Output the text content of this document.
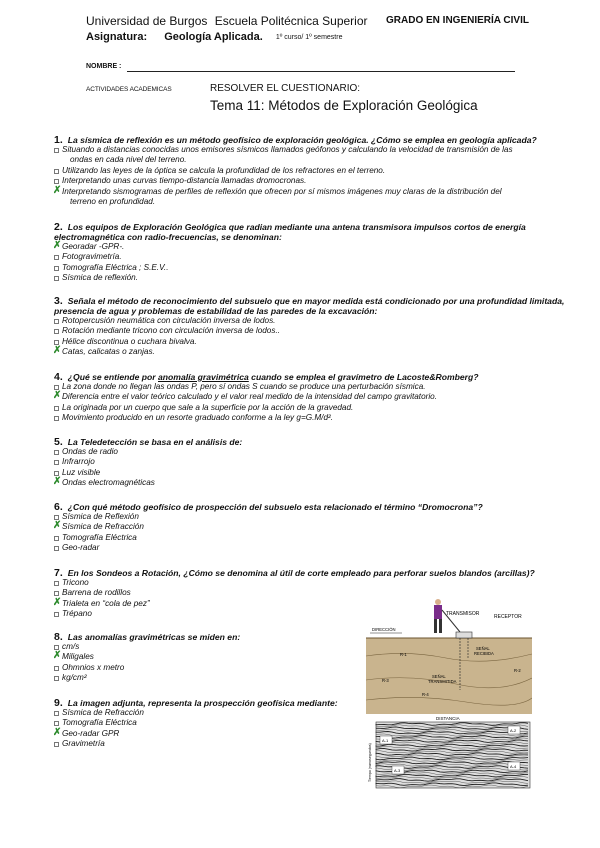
Universidad de Burgos Escuela Politécnica Superior GRADO EN INGENIERÍA CIVIL
Asignatura: Geología Aplicada. 1º curso/ 1º semestre
NOMBRE :
ACTIVIDADES ACADEMICAS	RESOLVER EL CUESTIONARIO:
Tema 11: Métodos de Exploración Geológica
1. La sísmica de reflexión es un método geofísico de exploración geológica. ¿Cómo se emplea en geología aplicada?
Situando a distancias conocidas unos emisores sísmicos llamados geófonos y calculando la velocidad de transmisión de las
ondas en cada nivel del terreno.
Utilizando las leyes de la óptica se calcula la profundidad de los refractores en el terreno.
Interpretando unas curvas tiempo-distancia llamadas dromocronas.
✗ Interpretando sismogramas de perfiles de reflexión que ofrecen por sí mismos imágenes muy claras de la distribución del
terreno en profundidad.
2. Los equipos de Exploración Geológica que radian mediante una antena transmisora impulsos cortos de energía electromagnética con radio-frecuencias, se denominan:
✗ Georadar -GPR-.
Fotogravimetría.
Tomografía Eléctrica ; S.E.V..
Sísmica de reflexión.
3. Señala el método de reconocimiento del subsuelo que en mayor medida está condicionado por una profundidad limitada, presencia de agua y problemas de estabilidad de las paredes de la excavación:
Rotopercusión neumática con circulación inversa de lodos.
Rotación mediante tricono con circulación inversa de lodos..
Hélice discontinua o cuchara bivalva.
✗ Catas, calicatas o zanjas.
4. ¿Qué se entiende por anomalía gravimétrica cuando se emplea el gravímetro de Lacoste&Romberg?
La zona donde no llegan las ondas P, pero sí ondas S cuando se produce una perturbación sísmica.
✗ Diferencia entre el valor teórico calculado y el valor real medido de la intensidad del campo gravitatorio.
La originada por un cuerpo que sale a la superficie por la acción de la gravedad.
Movimiento producido en un resorte graduado conforme a la ley g=G.M/d².
5. La Teledetección se basa en el análisis de:
Ondas de radio
Infrarrojo
Luz visible
✗ Ondas electromagnéticas
6. ¿Con qué método geofísico de prospección del subsuelo esta relacionado el término “Dromocrona”?
Sísmica de Reflexión
✗ Sísmica de Refracción
Tomografía Eléctrica
Geo-radar
7. En los Sondeos a Rotación, ¿Cómo se denomina al útil de corte empleado para perforar suelos blandos (arcillas)?
Tricono
Barrena de rodillos
✗ Trialeta en “cola de pez”
Trépano
8. Las anomalías gravimétricas se miden en:
cm/s
✗ Miligales
Ohmnios x metro
kg/cm²
9. La imagen adjunta, representa la prospección geofísica mediante:
Sísmica de Refracción
Tomografía Eléctrica
✗ Geo-radar GPR
Gravimetría
TRANSMISOR	RECEPTOR
DIRECCIÓN
SEÑAL
RECIBIDA
SEÑAL
TRANSMITIDA
R-1
R-2
R-3
R-4
DISTANCIA
Tiempo (nanosegundos)
A-1
A-2
A-3
A-4
